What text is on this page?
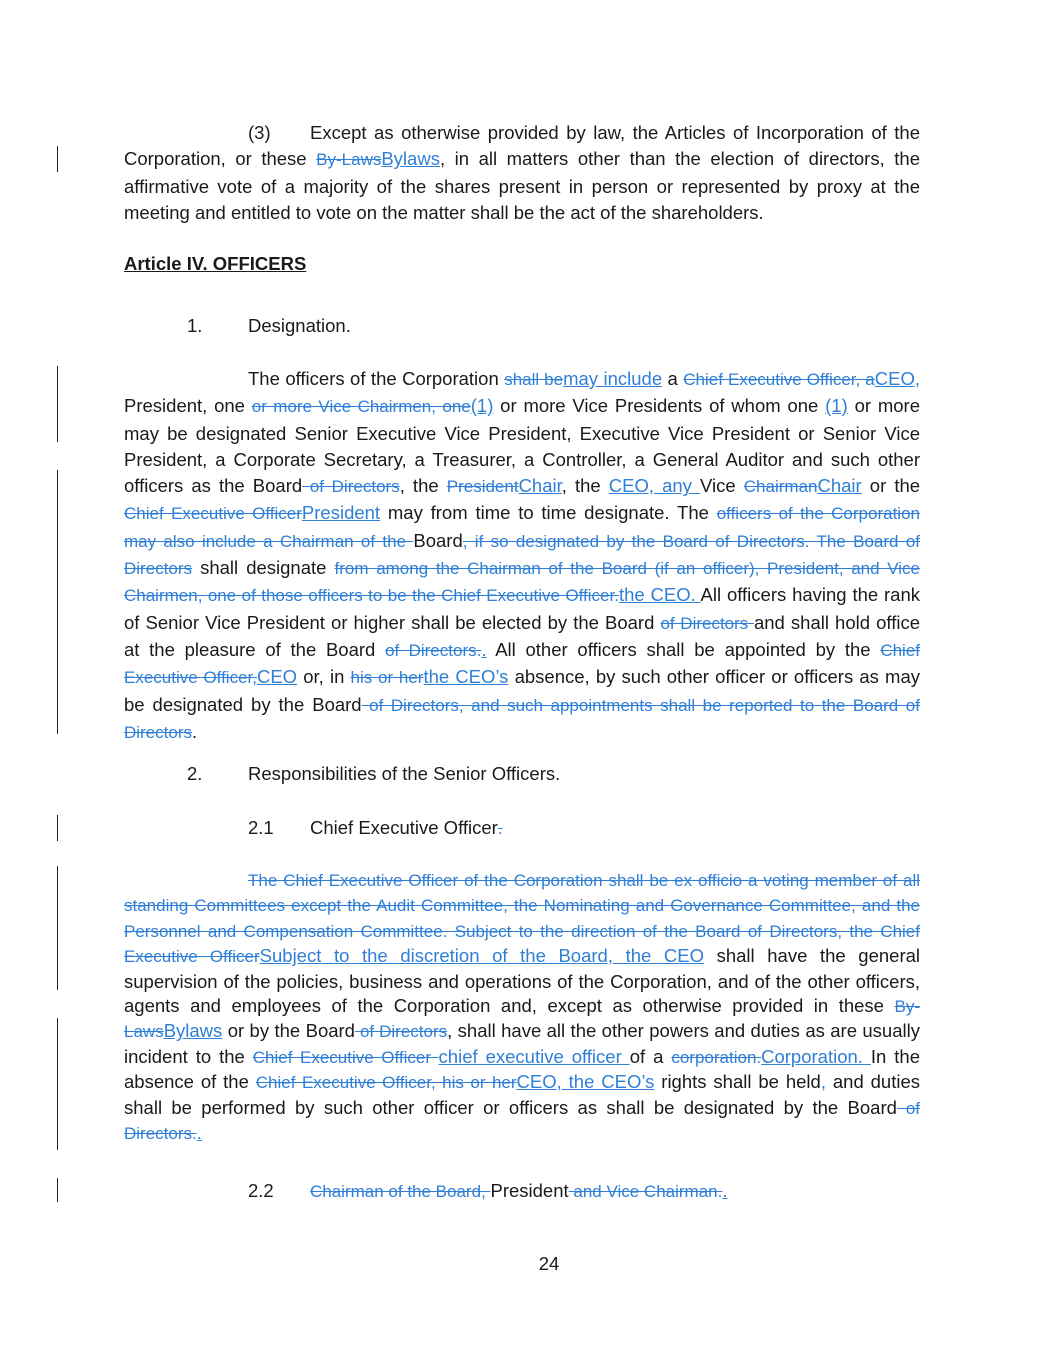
(3) Except as otherwise provided by law, the Articles of Incorporation of the Corporation, or these By-LawsBylaws, in all matters other than the election of directors, the affirmative vote of a majority of the shares present in person or represented by proxy at the meeting and entitled to vote on the matter shall be the act of the shareholders.

Article IV. OFFICERS
1. Designation.

The officers of the Corporation shall bemay include a Chief Executive Officer, aCEO, President, one or more Vice Chairmen, one(1) or more Vice Presidents of whom one (1) or more may be designated Senior Executive Vice President, Executive Vice President or Senior Vice President, a Corporate Secretary, a Treasurer, a Controller, a General Auditor and such other officers as the Board of Directors, the PresidentChair, the CEO, any Vice ChairmanChair or the Chief Executive OfficerPresident may from time to time designate. The officers of the Corporation may also include a Chairman of the Board, if so designated by the Board of Directors. The Board of Directors shall designate from among the Chairman of the Board (if an officer), President, and Vice Chairmen, one of those officers to be the Chief Executive Officer.the CEO. All officers having the rank of Senior Vice President or higher shall be elected by the Board of Directors and shall hold office at the pleasure of the Board of Directors.. All other officers shall be appointed by the Chief Executive Officer,CEO or, in his or herthe CEO’s absence, by such other officer or officers as may be designated by the Board of Directors, and such appointments shall be reported to the Board of Directors.

2. Responsibilities of the Senior Officers.
2.1 Chief Executive Officer.

The Chief Executive Officer of the Corporation shall be ex officio a voting member of all standing Committees except the Audit Committee, the Nominating and Governance Committee, and the Personnel and Compensation Committee. Subject to the direction of the Board of Directors, the Chief Executive OfficerSubject to the discretion of the Board, the CEO shall have the general supervision of the policies, business and operations of the Corporation, and of the other officers, agents and employees of the Corporation and, except as otherwise provided in these By-LawsBylaws or by the Board of Directors, shall have all the other powers and duties as are usually incident to the Chief Executive Officer chief executive officer of a corporation.Corporation. In the absence of the Chief Executive Officer, his or herCEO, the CEO’s rights shall be held, and duties shall be performed by such other officer or officers as shall be designated by the Board of Directors..

2.2 Chairman of the Board, President and Vice Chairman..
24
